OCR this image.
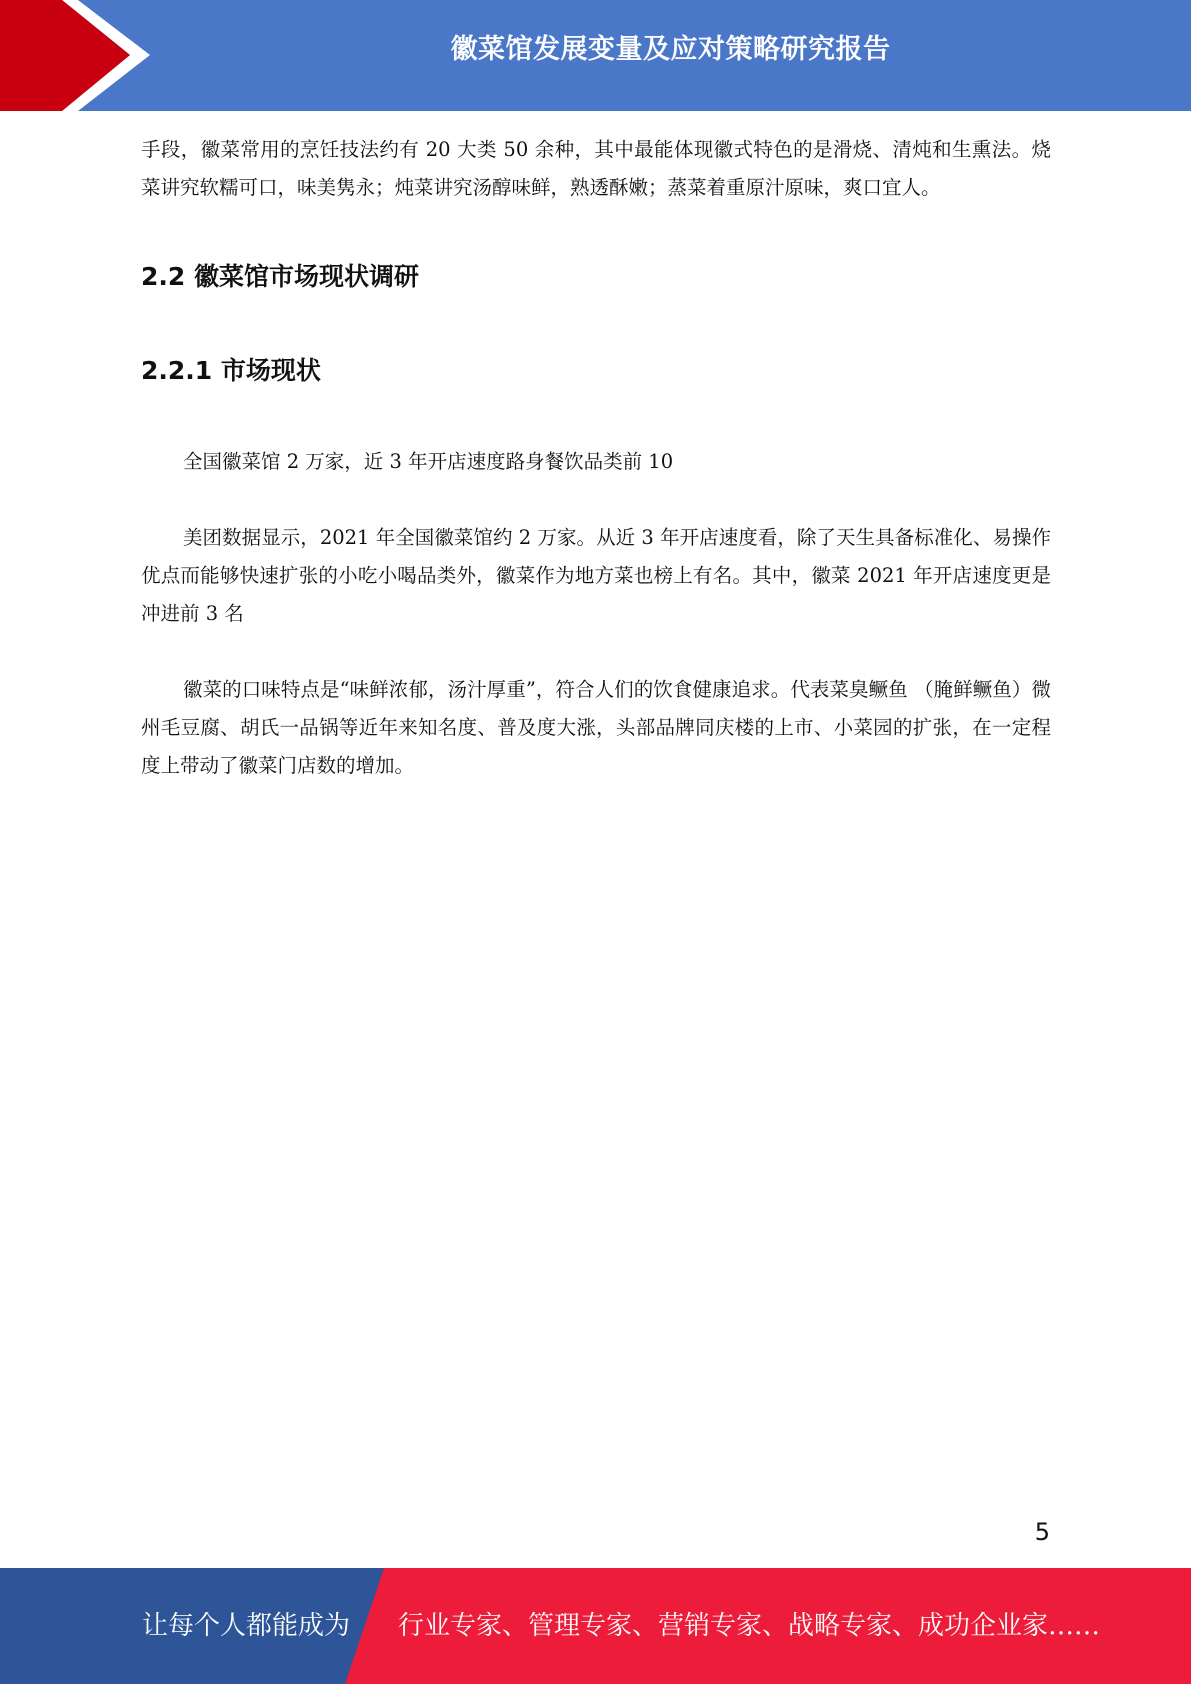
徽菜馆发展变量及应对策略研究报告

手段，徽菜常用的烹饪技法约有 20 大类 50 余种，其中最能体现徽式特色的是滑烧、清炖和生熏法。烧菜讲究软糯可口，味美隽永；炖菜讲究汤醇味鲜，熟透酥嫩；蒸菜着重原汁原味，爽口宜人。

2.2 徽菜馆市场现状调研
2.2.1 市场现状

全国徽菜馆 2 万家，近 3 年开店速度路身餐饮品类前 10

美团数据显示，2021 年全国徽菜馆约 2 万家。从近 3 年开店速度看，除了天生具备标准化、易操作优点而能够快速扩张的小吃小喝品类外，徽菜作为地方菜也榜上有名。其中，徽菜 2021 年开店速度更是冲进前 3 名

徽菜的口味特点是“味鲜浓郁，汤汁厚重”，符合人们的饮食健康追求。代表菜臭鳜鱼 （腌鲜鳜鱼）微州毛豆腐、胡氏一品锅等近年来知名度、普及度大涨，头部品牌同庆楼的上市、小菜园的扩张，在一定程度上带动了徽菜门店数的增加。

5
让每个人都能成为 行业专家、管理专家、营销专家、战略专家、成功企业家……
